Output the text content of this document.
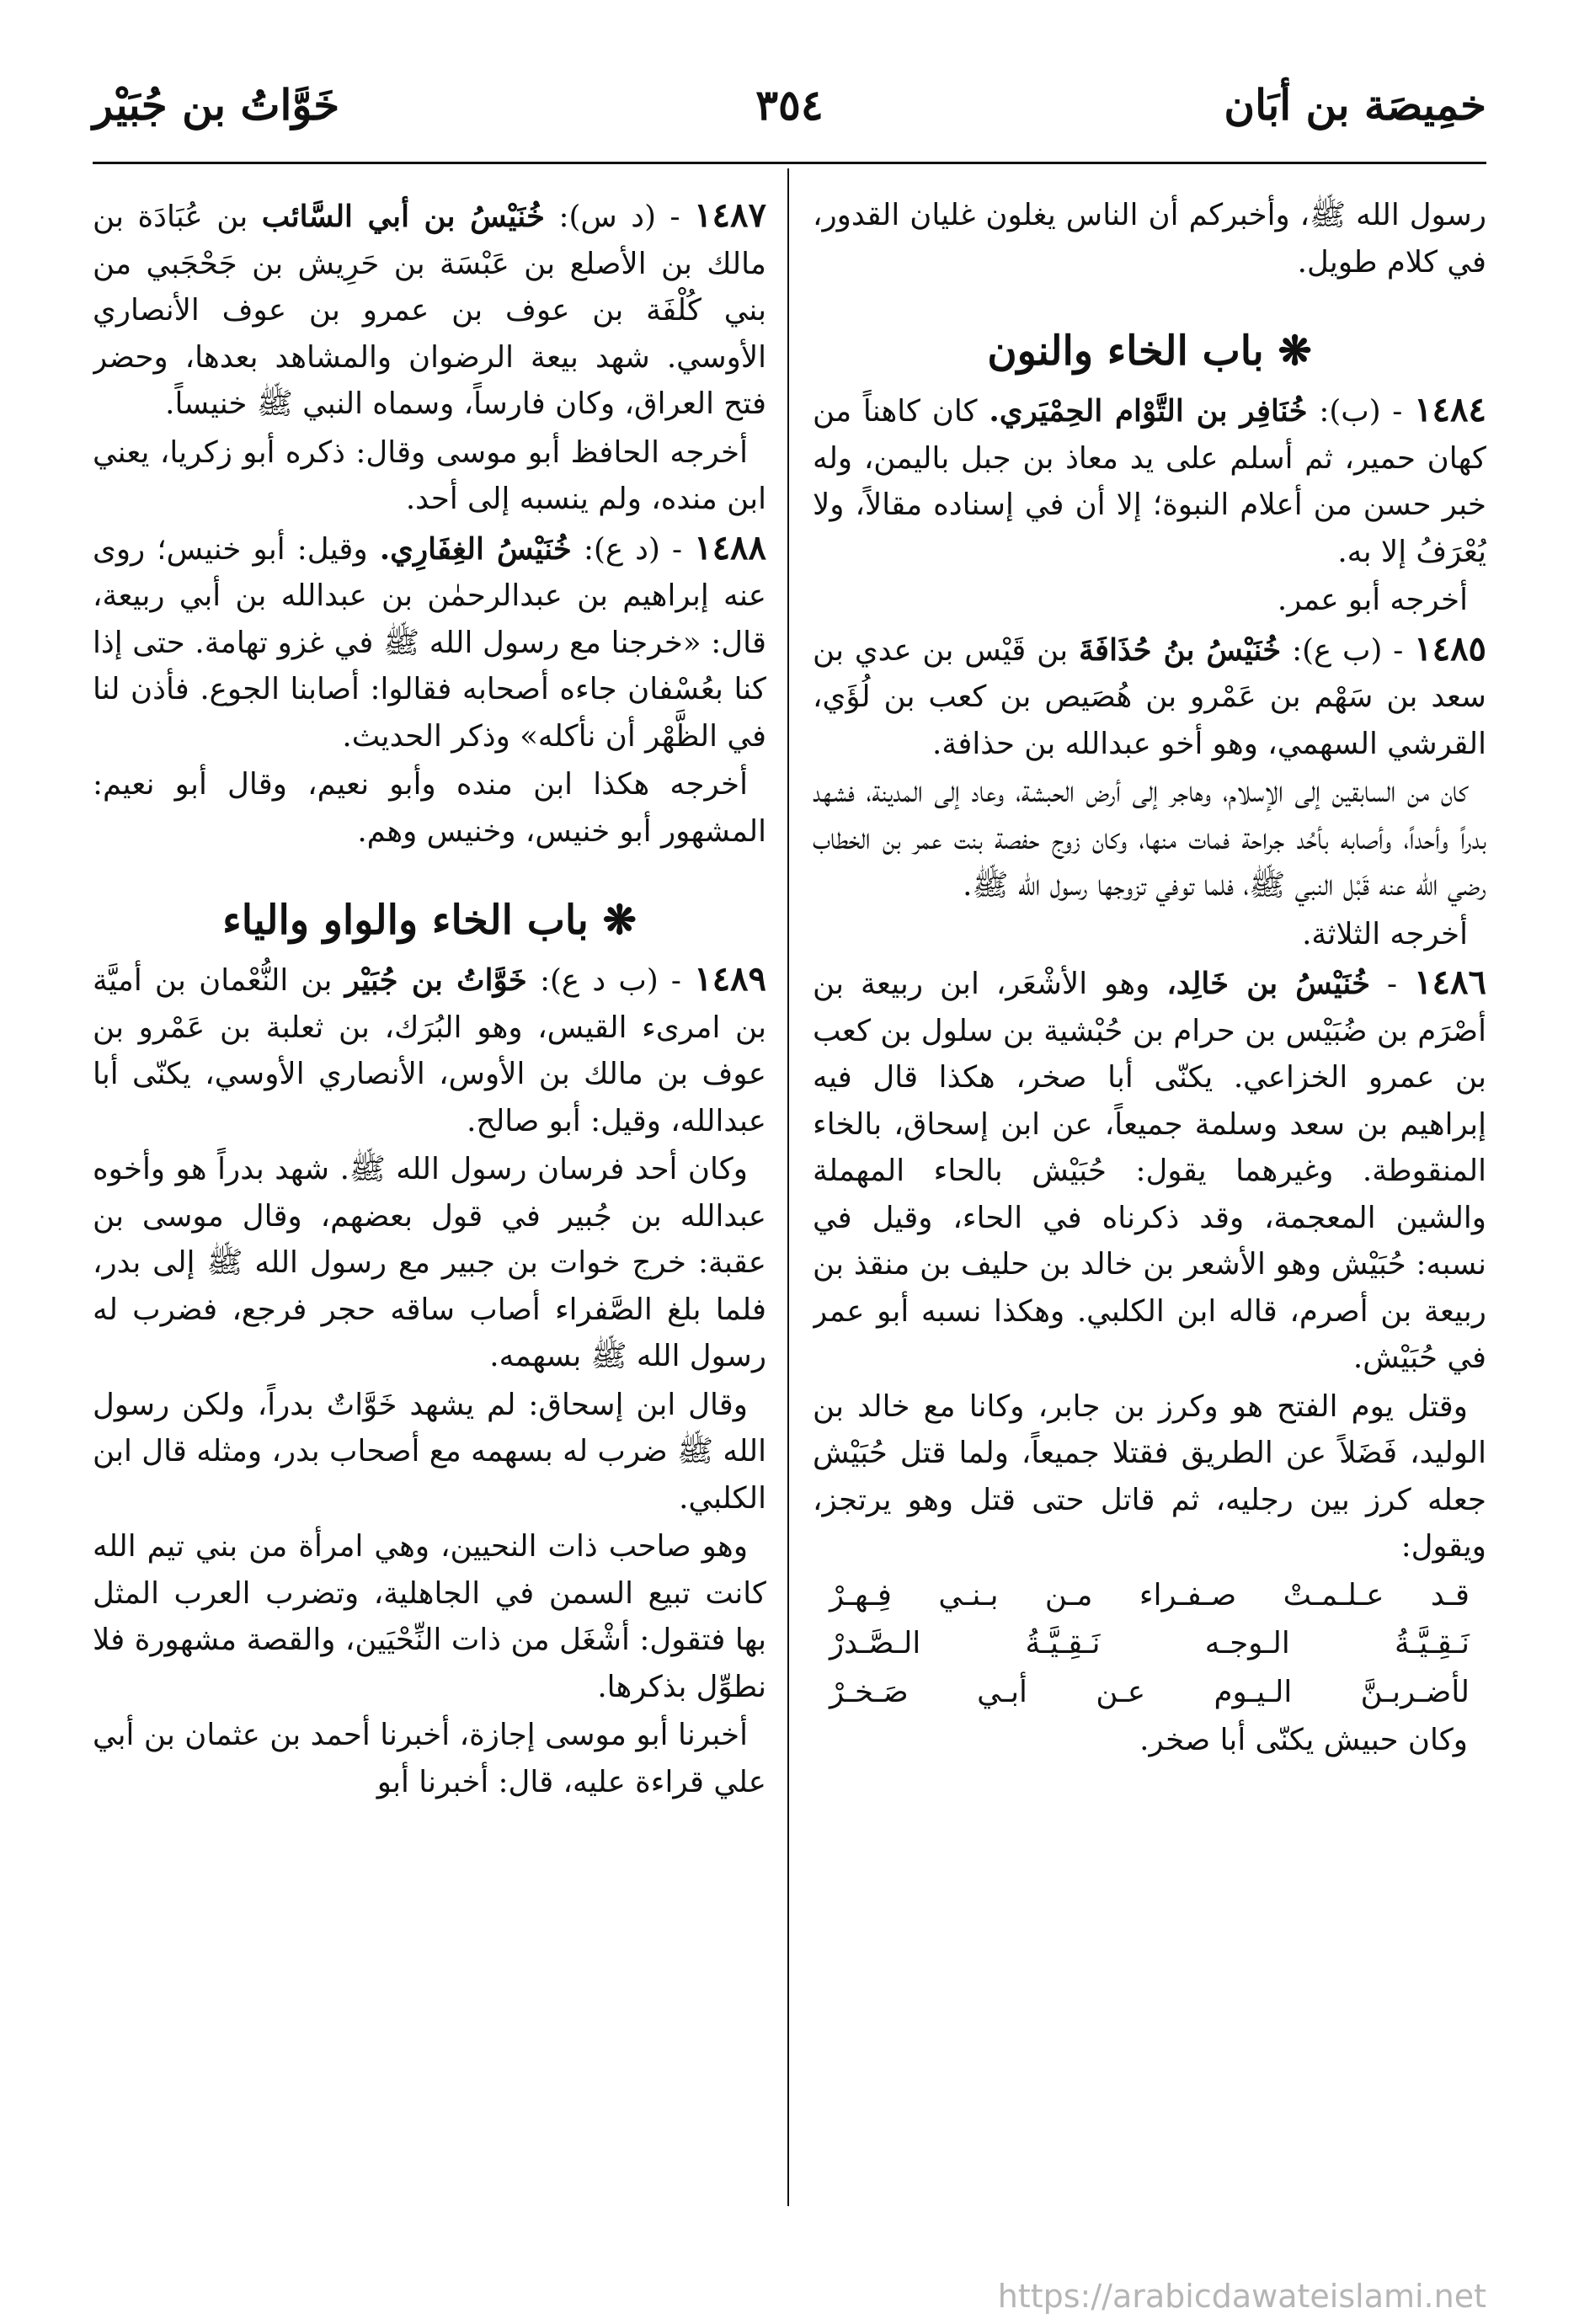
خمِيصَة بن أبَان
٣٥٤
خَوَّاتُ بن جُبَيْر

رسول الله ﷺ، وأخبركم أن الناس يغلون غليان القدور، في كلام طويل.

❋ باب الخاء والنون

١٤٨٤ - (ب): خُنَافِر بن التَّوْام الحِمْيَري. كان كاهناً من كهان حمير، ثم أسلم على يد معاذ بن جبل باليمن، وله خبر حسن من أعلام النبوة؛ إلا أن في إسناده مقالاً، ولا يُعْرَفُ إلا به.

أخرجه أبو عمر.

١٤٨٥ - (ب ع): خُنَيْسُ بنُ حُذَافَةَ بن قَيْس بن عدي بن سعد بن سَهْم بن عَمْرو بن هُصَيص بن كعب بن لُؤَي، القرشي السهمي، وهو أخو عبدالله بن حذافة.

كان من السابقين إلى الإسلام، وهاجر إلى أرض الحبشة، وعاد إلى المدينة، فشهد بدراً وأحداً، وأصابه بأحُد جراحة فمات منها، وكان زوج حفصة بنت عمر بن الخطاب رضي الله عنه قَبْل النبي ﷺ، فلما توفي تزوجها رسول الله ﷺ.

أخرجه الثلاثة.

١٤٨٦ - خُنَيْسُ بن خَالِد، وهو الأشْعَر، ابن ربيعة بن أصْرَم بن ضُبَيْس بن حرام بن حُبْشية بن سلول بن كعب بن عمرو الخزاعي. يكنّى أبا صخر، هكذا قال فيه إبراهيم بن سعد وسلمة جميعاً، عن ابن إسحاق، بالخاء المنقوطة. وغيرهما يقول: حُبَيْش بالحاء المهملة والشين المعجمة، وقد ذكرناه في الحاء، وقيل في نسبه: حُبَيْش وهو الأشعر بن خالد بن حليف بن منقذ بن ربيعة بن أصرم، قاله ابن الكلبي. وهكذا نسبه أبو عمر في حُبَيْش.

وقتل يوم الفتح هو وكرز بن جابر، وكانا مع خالد بن الوليد، فَضَلاً عن الطريق فقتلا جميعاً، ولما قتل حُبَيْش جعله كرز بين رجليه، ثم قاتل حتى قتل وهو يرتجز، ويقول:

قـد عـلـمـتْ صـفـراء مـن بـنـي فِـهـرْ

نَـقِـيَّـةُ الـوجـه نَـقِـيَّـةُ الـصَّـدرْ

لأضـربـنَّ الـيـوم عـن أبـي صَـخـرْ

وكان حبيش يكنّى أبا صخر.

١٤٨٧ - (د س): خُنَيْسُ بن أبي السَّائب بن عُبَادَة بن مالك بن الأصلع بن عَبْسَة بن حَرِيش بن جَحْجَبي من بني كُلْفَة بن عوف بن عمرو بن عوف الأنصاري الأوسي. شهد بيعة الرضوان والمشاهد بعدها، وحضر فتح العراق، وكان فارساً، وسماه النبي ﷺ خنيساً.

أخرجه الحافظ أبو موسى وقال: ذكره أبو زكريا، يعني ابن منده، ولم ينسبه إلى أحد.

١٤٨٨ - (د ع): خُنَيْسُ الغِفَارِي. وقيل: أبو خنيس؛ روى عنه إبراهيم بن عبدالرحمٰن بن عبدالله بن أبي ربيعة، قال: «خرجنا مع رسول الله ﷺ في غزو تهامة. حتى إذا كنا بعُسْفان جاءه أصحابه فقالوا: أصابنا الجوع. فأذن لنا في الظَّهْر أن نأكله» وذكر الحديث.

أخرجه هكذا ابن منده وأبو نعيم، وقال أبو نعيم: المشهور أبو خنيس، وخنيس وهم.

❋ باب الخاء والواو والياء

١٤٨٩ - (ب د ع): خَوَّاتُ بن جُبَيْر بن النُّعْمان بن أميَّة بن امرىء القيس، وهو البُرَك، بن ثعلبة بن عَمْرو بن عوف بن مالك بن الأوس، الأنصاري الأوسي، يكنّى أبا عبدالله، وقيل: أبو صالح.

وكان أحد فرسان رسول الله ﷺ. شهد بدراً هو وأخوه عبدالله بن جُبير في قول بعضهم، وقال موسى بن عقبة: خرج خوات بن جبير مع رسول الله ﷺ إلى بدر، فلما بلغ الصَّفراء أصاب ساقه حجر فرجع، فضرب له رسول الله ﷺ بسهمه.

وقال ابن إسحاق: لم يشهد خَوَّاتٌ بدراً، ولكن رسول الله ﷺ ضرب له بسهمه مع أصحاب بدر، ومثله قال ابن الكلبي.

وهو صاحب ذات النحيين، وهي امرأة من بني تيم الله كانت تبيع السمن في الجاهلية، وتضرب العرب المثل بها فتقول: أشْغَل من ذات النِّحْيَين، والقصة مشهورة فلا نطوِّل بذكرها.

أخبرنا أبو موسى إجازة، أخبرنا أحمد بن عثمان بن أبي علي قراءة عليه، قال: أخبرنا أبو

https://arabicdawateislami.net
